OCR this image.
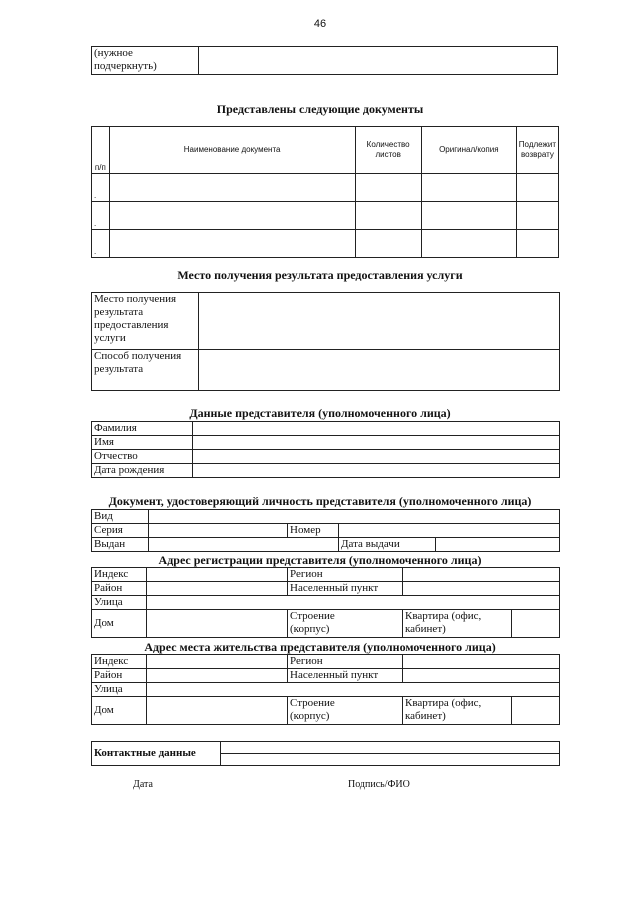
46
(нужное подчеркнуть)	
Представлены следующие документы
п/п	Наименование документа	Количество листов	Оригинал/копия	Подлежит возврату
.				
.				
.				
Место получения результата предоставления услуги
Место получения результата предоставления услуги	
Способ получения результата	
Данные представителя (уполномоченного лица)
Фамилия	
Имя	
Отчество	
Дата рождения	
Документ, удостоверяющий личность представителя (уполномоченного лица)
Вид				
Серия		Номер		
Выдан			Дата выдачи	
Адрес регистрации представителя (уполномоченного лица)
Индекс		Регион		
Район		Населенный пункт		
Улица				
Дом		Строение (корпус)	Квартира (офис, кабинет)	
Адрес места жительства представителя (уполномоченного лица)
Индекс		Регион		
Район		Населенный пункт		
Улица				
Дом		Строение (корпус)	Квартира (офис, кабинет)	
Контактные данные	

Дата	Подпись/ФИО
